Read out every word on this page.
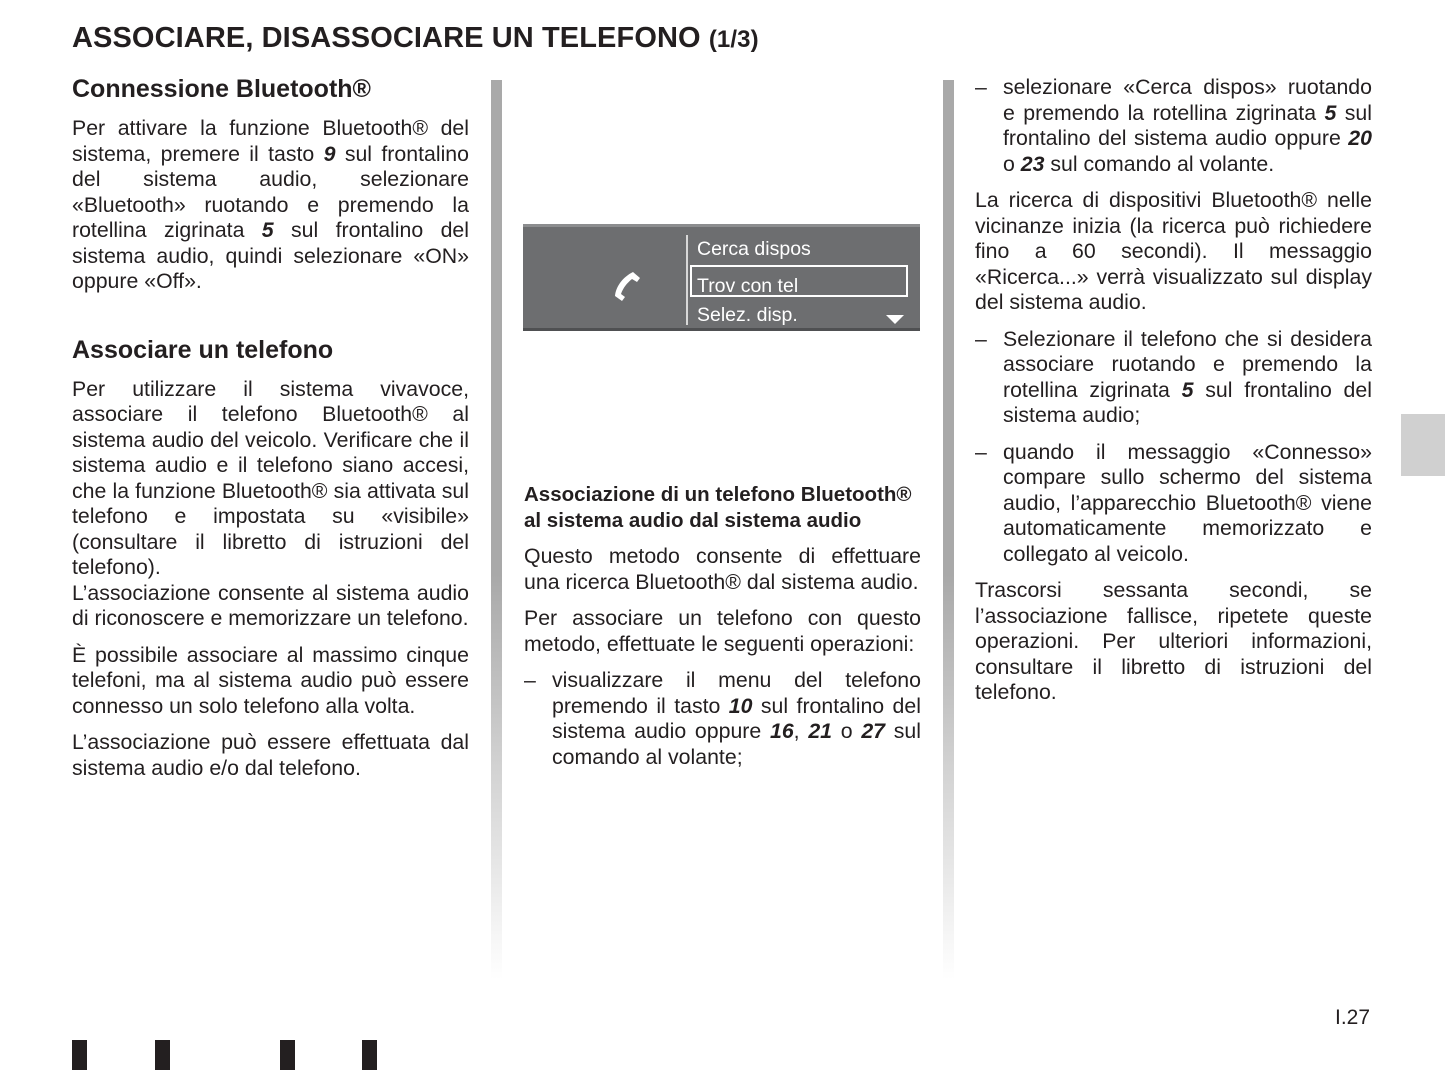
ASSOCIARE, DISASSOCIARE UN TELEFONO (1/3)
Connessione Bluetooth®

Per attivare la funzione Bluetooth® del sistema, premere il tasto 9 sul frontalino del sistema audio, selezionare «Bluetooth» ruotando e premendo la rotellina zigrinata 5 sul frontalino del sistema audio, quindi selezionare «ON» oppure «Off».

Associare un telefono

Per utilizzare il sistema vivavoce, associare il telefono Bluetooth® al sistema audio del veicolo. Verificare che il sistema audio e il telefono siano accesi, che la funzione Bluetooth® sia attivata sul telefono e impostata su «visibile» (consultare il libretto di istruzioni del telefono).

L’associazione consente al sistema audio di riconoscere e memorizzare un telefono.

È possibile associare al massimo cinque telefoni, ma al sistema audio può essere connesso un solo telefono alla volta.

L’associazione può essere effettuata dal sistema audio e/o dal telefono.

Cerca dispos
Trov con tel
Selez. disp.
Associazione di un telefono Bluetooth® al sistema audio dal sistema audio

Questo metodo consente di effettuare una ricerca Bluetooth® dal sistema audio.

Per associare un telefono con questo metodo, effettuate le seguenti operazioni:

– visualizzare il menu del telefono premendo il tasto 10 sul frontalino del sistema audio oppure 16, 21 o 27 sul comando al volante;
– selezionare «Cerca dispos» ruotando e premendo la rotellina zigrinata 5 sul frontalino del sistema audio oppure 20 o 23 sul comando al volante.

La ricerca di dispositivi Bluetooth® nelle vicinanze inizia (la ricerca può richiedere fino a 60 secondi). Il messaggio «Ricerca...» verrà visualizzato sul display del sistema audio.

– Selezionare il telefono che si desidera associare ruotando e premendo la rotellina zigrinata 5 sul frontalino del sistema audio;
– quando il messaggio «Connesso» compare sullo schermo del sistema audio, l’apparecchio Bluetooth® viene automaticamente memorizzato e collegato al veicolo.

Trascorsi sessanta secondi, se l’associazione fallisce, ripetete queste operazioni. Per ulteriori informazioni, consultare il libretto di istruzioni del telefono.

I.27
